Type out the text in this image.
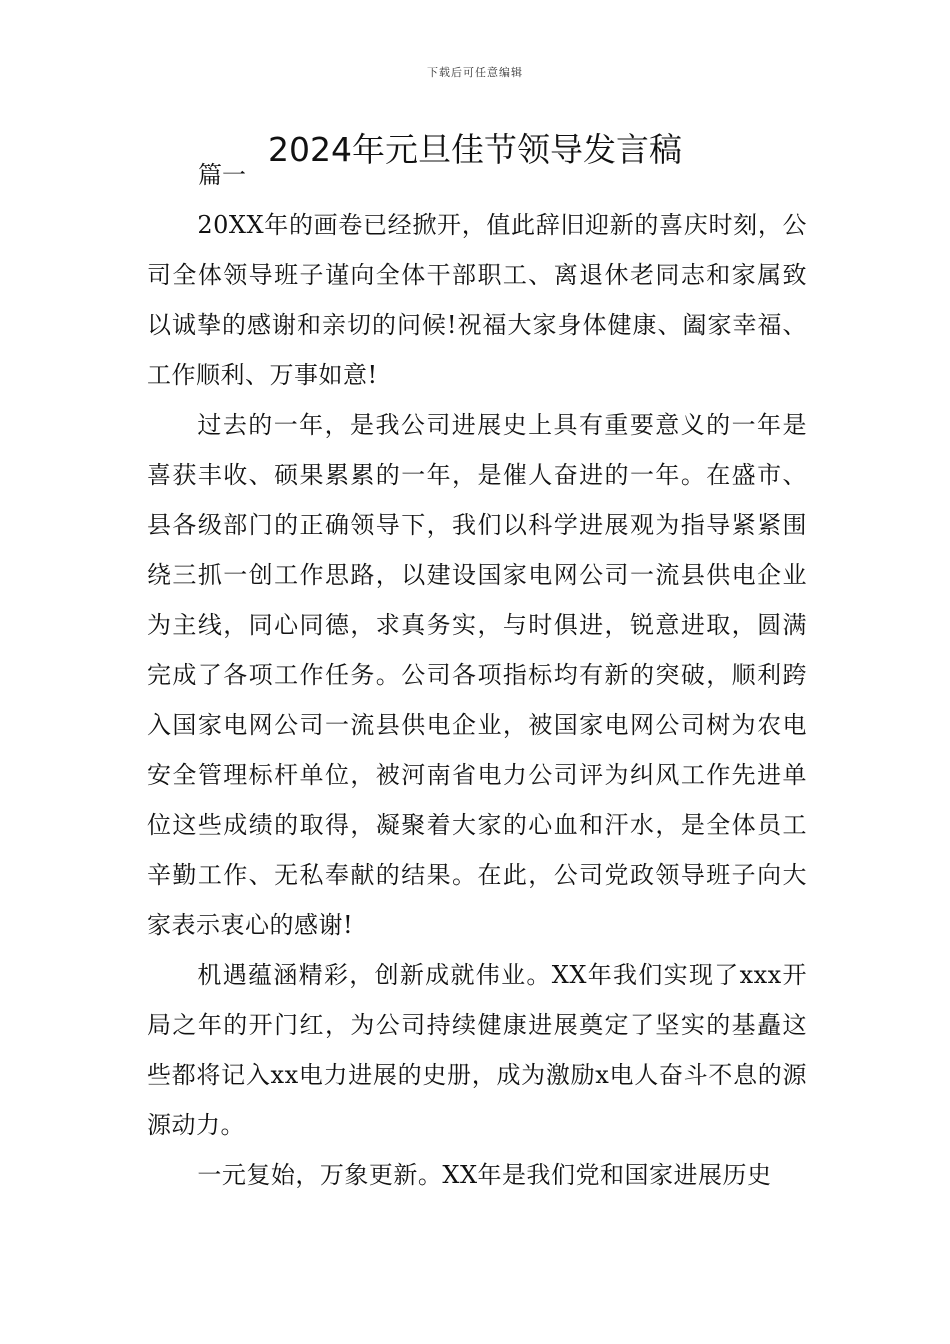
下载后可任意编辑
2024年元旦佳节领导发言稿

篇一

20XX年的画卷已经掀开，值此辞旧迎新的喜庆时刻，公司全体领导班子谨向全体干部职工、离退休老同志和家属致以诚挚的感谢和亲切的问候!祝福大家身体健康、阖家幸福、工作顺利、万事如意!

过去的一年，是我公司进展史上具有重要意义的一年是喜获丰收、硕果累累的一年，是催人奋进的一年。在盛市、县各级部门的正确领导下，我们以科学进展观为指导紧紧围绕三抓一创工作思路，以建设国家电网公司一流县供电企业为主线，同心同德，求真务实，与时俱进，锐意进取，圆满完成了各项工作任务。公司各项指标均有新的突破，顺利跨入国家电网公司一流县供电企业，被国家电网公司树为农电安全管理标杆单位，被河南省电力公司评为纠风工作先进单位这些成绩的取得，凝聚着大家的心血和汗水，是全体员工辛勤工作、无私奉献的结果。在此，公司党政领导班子向大家表示衷心的感谢!

机遇蕴涵精彩，创新成就伟业。XX年我们实现了xxx开局之年的开门红，为公司持续健康进展奠定了坚实的基矗这些都将记入xx电力进展的史册，成为激励x电人奋斗不息的源源动力。

一元复始，万象更新。XX年是我们党和国家进展历史
